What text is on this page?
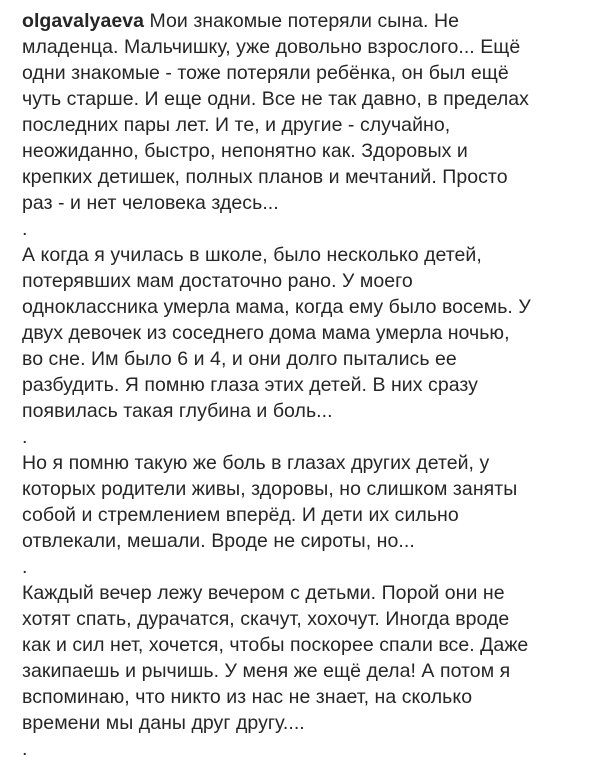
olgavalyaeva Мои знакомые потеряли сына. Не
младенца. Мальчишку, уже довольно взрослого... Ещё
одни знакомые - тоже потеряли ребёнка, он был ещё
чуть старше. И еще одни. Все не так давно, в пределах
последних пары лет. И те, и другие - случайно,
неожиданно, быстро, непонятно как. Здоровых и
крепких детишек, полных планов и мечтаний. Просто
раз - и нет человека здесь...

.

А когда я училась в школе, было несколько детей,
потерявших мам достаточно рано. У моего
одноклассника умерла мама, когда ему было восемь. У
двух девочек из соседнего дома мама умерла ночью,
во сне. Им было 6 и 4, и они долго пытались ее
разбудить. Я помню глаза этих детей. В них сразу
появилась такая глубина и боль...

.

Но я помню такую же боль в глазах других детей, у
которых родители живы, здоровы, но слишком заняты
собой и стремлением вперёд. И дети их сильно
отвлекали, мешали. Вроде не сироты, но...

.

Каждый вечер лежу вечером с детьми. Порой они не
хотят спать, дурачатся, скачут, хохочут. Иногда вроде
как и сил нет, хочется, чтобы поскорее спали все. Даже
закипаешь и рычишь. У меня же ещё дела! А потом я
вспоминаю, что никто из нас не знает, на сколько
времени мы даны друг другу....

.
